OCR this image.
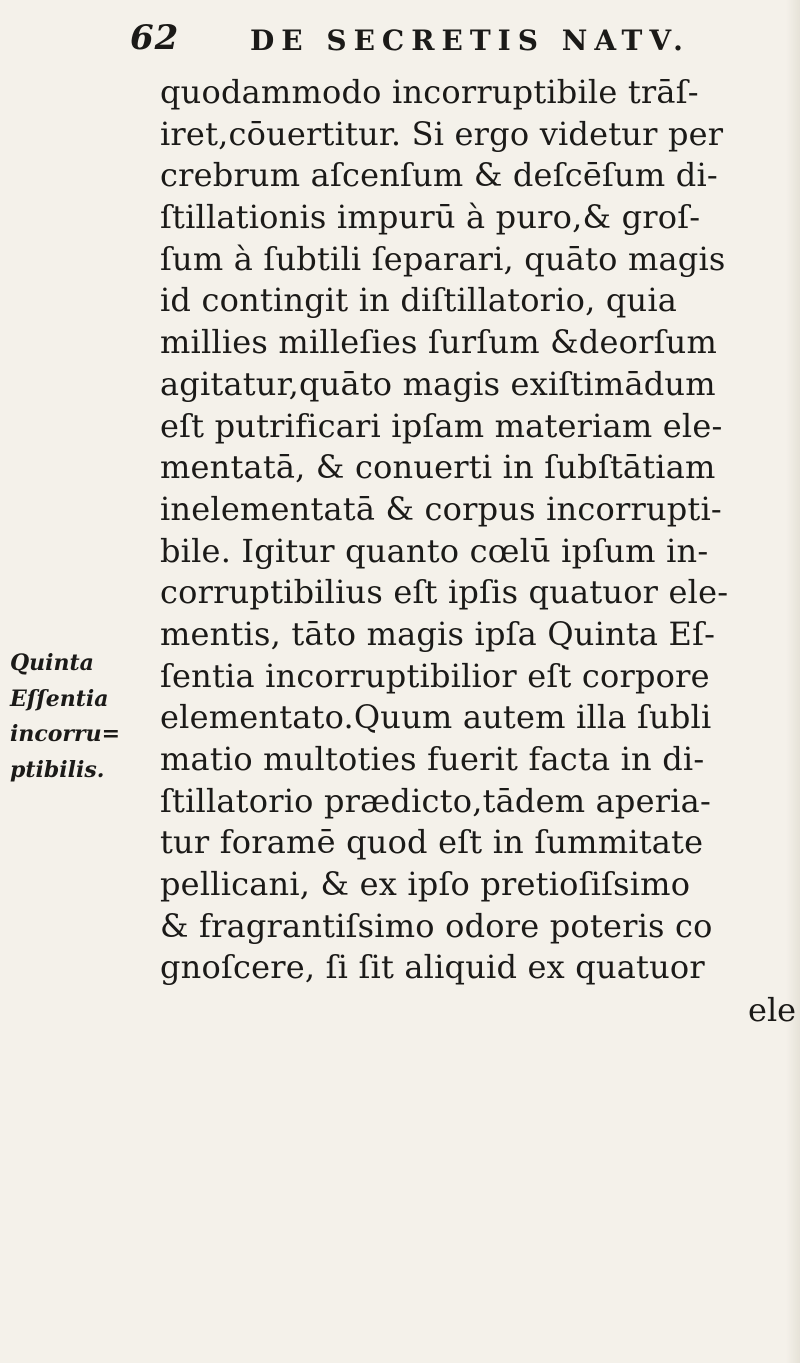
62	DE SECRETIS NATV.
Quinta
Eſſentia
incorru=
ptibilis.
quodammodo incorruptibile trāſ-
iret,cōuertitur. Si ergo videtur per
crebrum aſcenſum & deſcēſum di-
ſtillationis impurū à puro,& groſ-
ſum à ſubtili ſeparari, quāto magis
id contingit in diſtillatorio, quia
millies milleſies ſurſum &deorſum
agitatur,quāto magis exiſtimādum
eſt putrificari ipſam materiam ele-
mentatā, & conuerti in ſubſtātiam
inelementatā & corpus incorrupti-
bile. Igitur quanto cœlū ipſum in-
corruptibilius eſt ipſis quatuor ele-
mentis, tāto magis ipſa Quinta Eſ-
ſentia incorruptibilior eſt corpore
elementato.Quum autem illa ſubli
matio multoties fuerit facta in di-
ſtillatorio prædicto,tādem aperia-
tur foramē quod eſt in ſummitate
pellicani, & ex ipſo pretioſiſsimo
& fragrantiſsimo odore poteris co
gnoſcere, ſi ſit aliquid ex quatuor
ele
